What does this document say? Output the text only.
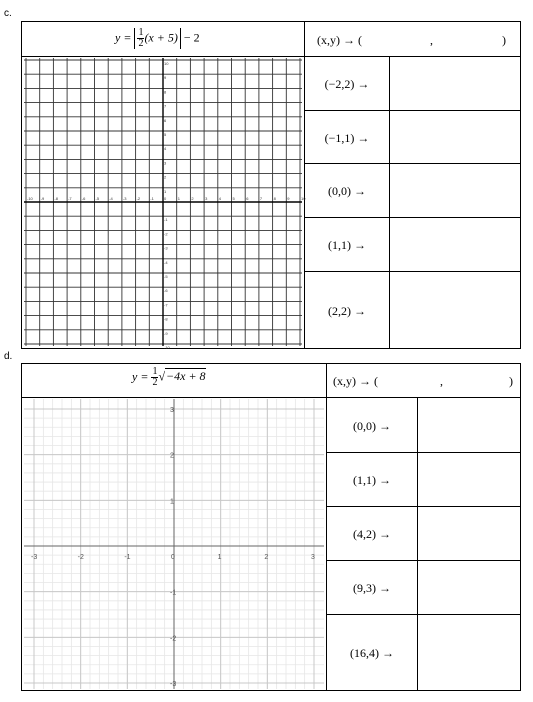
c.
$y = \frac{1}{2} (x + 5) - 2$	(x,y) → (	,	)
(−2,2) →
(−1,1) →
(0,0) →
(1,1) →
(2,2) →
-10 -9	-8	-7	-6	-5	-4	-3	-2	-1	0	1	2	3	4	5	6	7	8	9	10
10
9
8
7
6
5
4
3
2
1
-1
-2
-3
-4
-5
-6
-7
-8
-9
-10
d.
$y = \frac{1}{2} √-4x + 8$	(x,y) → (	,	)
(0,0) →
(1,1) →
(4,2) →
(9,3) →
(16,4) →
-3	-2	-1	0	1	2	3
3
2
1
-1
-2
-3
